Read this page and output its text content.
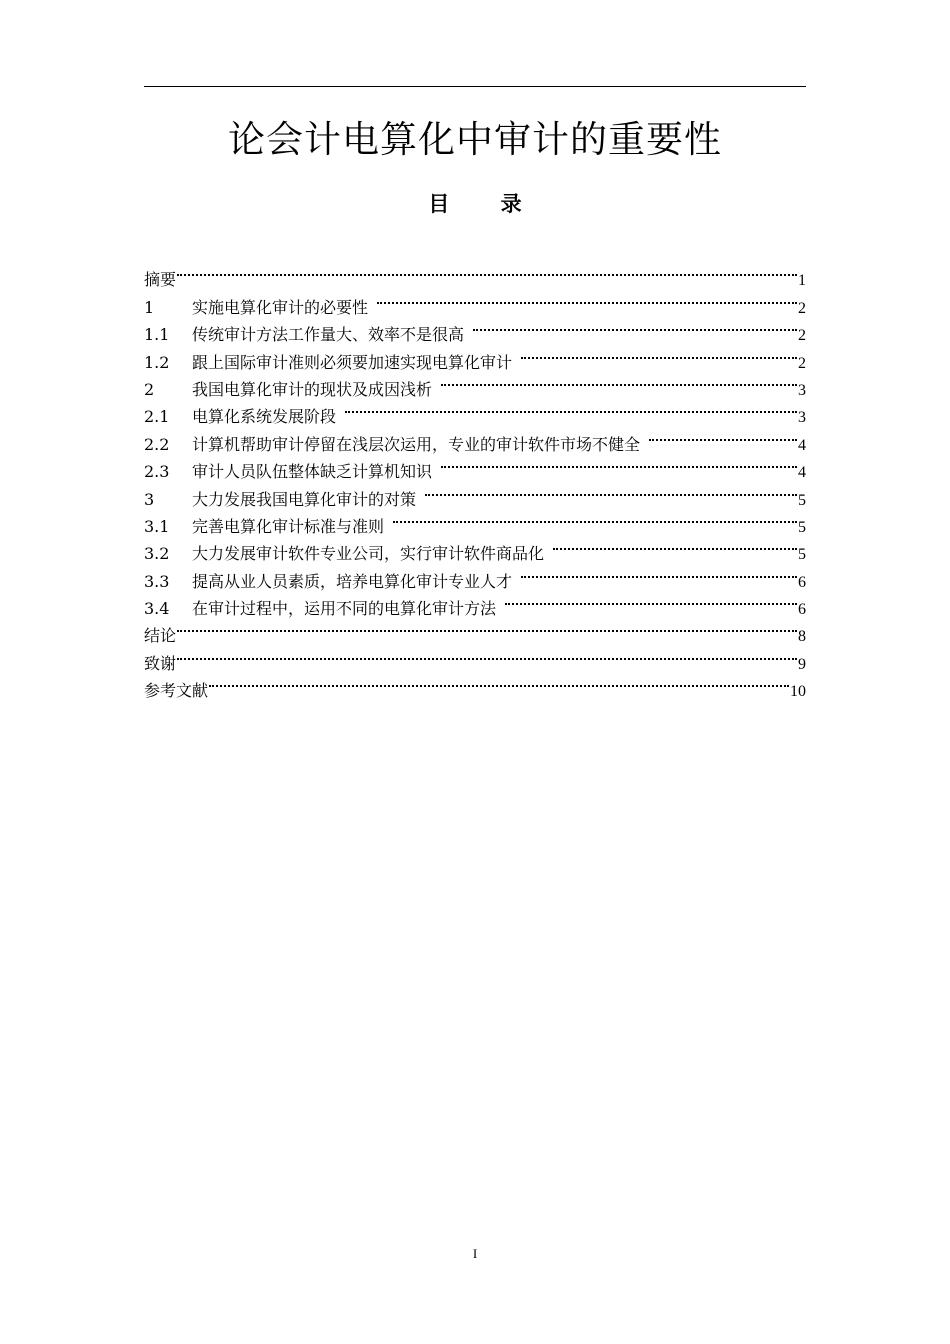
论会计电算化中审计的重要性
目 录
摘要	1
1	实施电算化审计的必要性	2
1.1	传统审计方法工作量大、效率不是很高	2
1.2	跟上国际审计准则必须要加速实现电算化审计	2
2	我国电算化审计的现状及成因浅析	3
2.1	电算化系统发展阶段	3
2.2	计算机帮助审计停留在浅层次运用，专业的审计软件市场不健全	4
2.3	审计人员队伍整体缺乏计算机知识	4
3	大力发展我国电算化审计的对策	5
3.1	完善电算化审计标准与准则	5
3.2	大力发展审计软件专业公司，实行审计软件商品化	5
3.3	提高从业人员素质，培养电算化审计专业人才	6
3.4	在审计过程中，运用不同的电算化审计方法	6
结论	8
致谢	9
参考文献	10
I
